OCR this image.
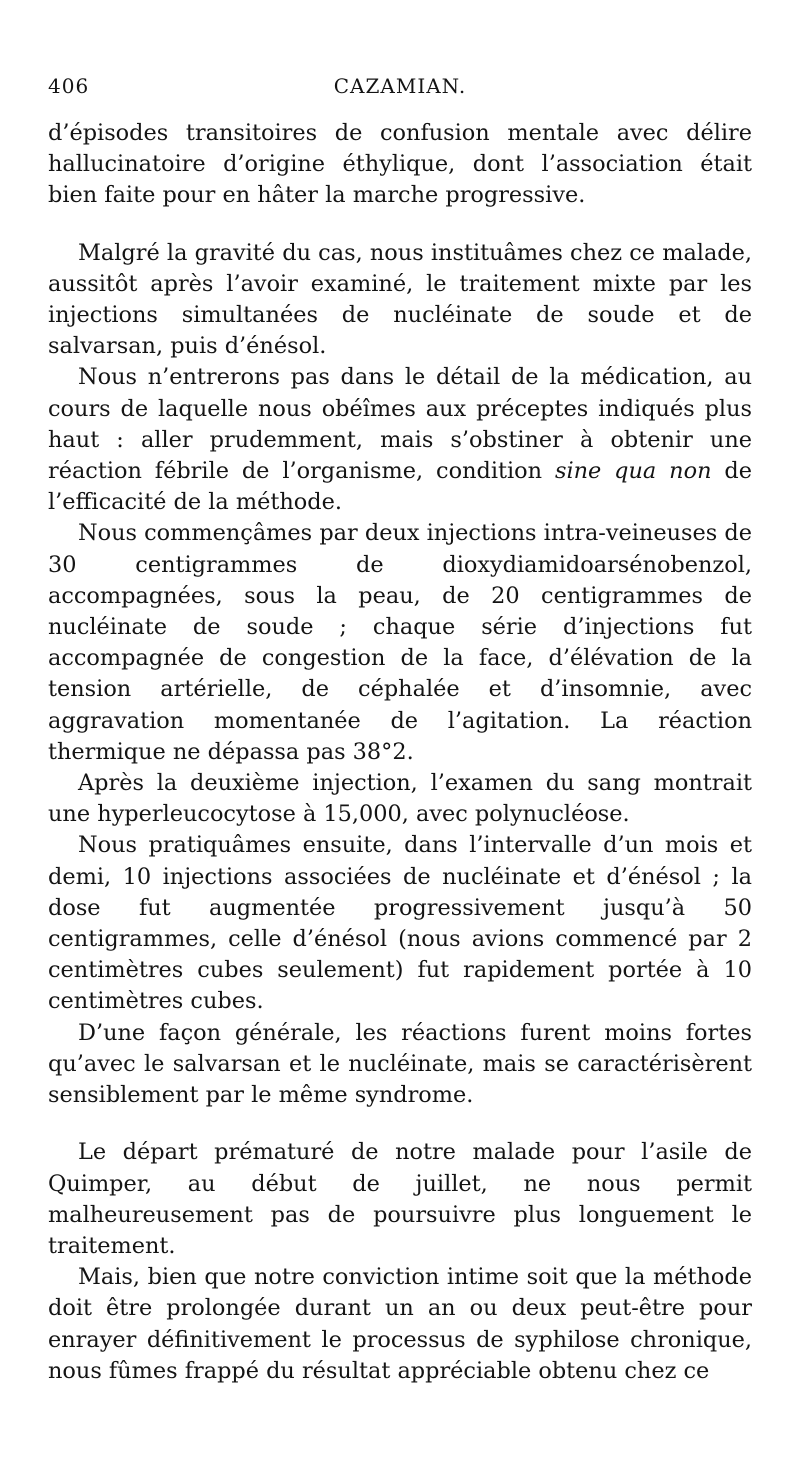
406	CAZAMIAN.

d’épisodes transitoires de confusion mentale avec délire hallucinatoire d’origine éthylique, dont l’association était bien faite pour en hâter la marche progressive.

Malgré la gravité du cas, nous instituâmes chez ce malade, aussitôt après l’avoir examiné, le traitement mixte par les injections simultanées de nucléinate de soude et de salvarsan, puis d’énésol.

Nous n’entrerons pas dans le détail de la médication, au cours de laquelle nous obéîmes aux préceptes indiqués plus haut : aller prudemment, mais s’obstiner à obtenir une réaction fébrile de l’organisme, condition sine qua non de l’efficacité de la méthode.

Nous commençâmes par deux injections intra-veineuses de 30 centigrammes de dioxydiamidoarsénobenzol, accompagnées, sous la peau, de 20 centigrammes de nucléinate de soude ; chaque série d’injections fut accompagnée de congestion de la face, d’élévation de la tension artérielle, de céphalée et d’insomnie, avec aggravation momentanée de l’agitation. La réaction thermique ne dépassa pas 38°2.

Après la deuxième injection, l’examen du sang montrait une hyperleucocytose à 15,000, avec polynucléose.

Nous pratiquâmes ensuite, dans l’intervalle d’un mois et demi, 10 injections associées de nucléinate et d’énésol ; la dose fut augmentée progressivement jusqu’à 50 centigrammes, celle d’énésol (nous avions commencé par 2 centimètres cubes seulement) fut rapidement portée à 10 centimètres cubes.

D’une façon générale, les réactions furent moins fortes qu’avec le salvarsan et le nucléinate, mais se caractérisèrent sensiblement par le même syndrome.

Le départ prématuré de notre malade pour l’asile de Quimper, au début de juillet, ne nous permit malheureusement pas de poursuivre plus longuement le traitement.

Mais, bien que notre conviction intime soit que la méthode doit être prolongée durant un an ou deux peut-être pour enrayer définitivement le processus de syphilose chronique, nous fûmes frappé du résultat appréciable obtenu chez ce
